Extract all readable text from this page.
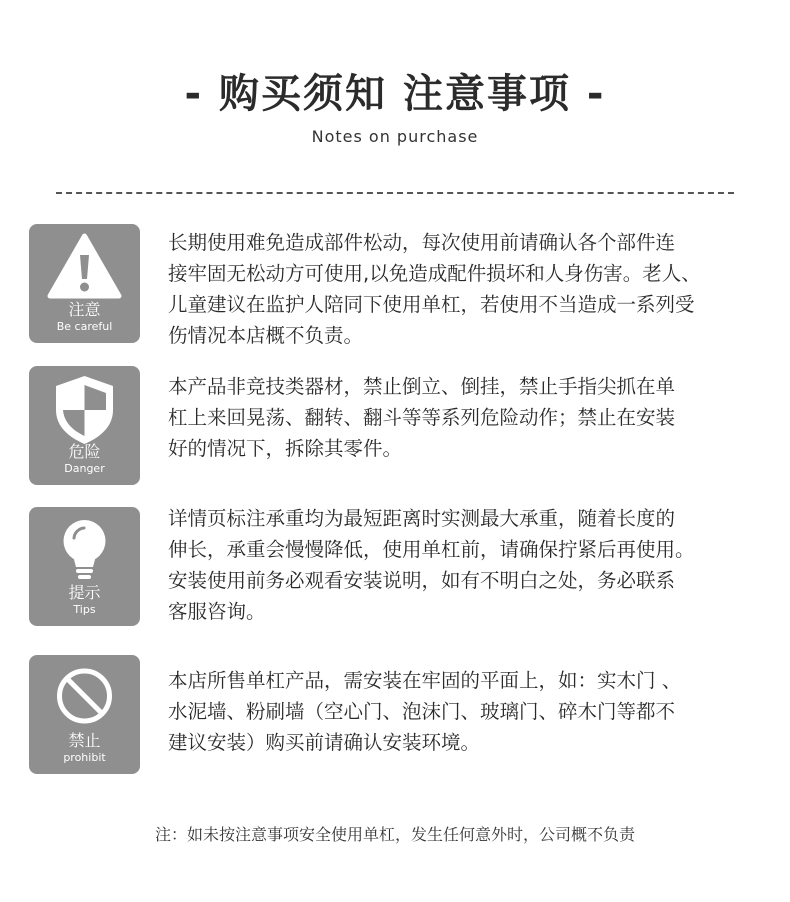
- 购买须知 注意事项 -
Notes on purchase
注意
Be careful
长期使用难免造成部件松动，每次使用前请确认各个部件连
接牢固无松动方可使用,以免造成配件损坏和人身伤害。老人、
儿童建议在监护人陪同下使用单杠，若使用不当造成一系列受
伤情况本店概不负责。
危险
Danger
本产品非竞技类器材，禁止倒立、倒挂，禁止手指尖抓在单
杠上来回晃荡、翻转、翻斗等等系列危险动作；禁止在安装
好的情况下，拆除其零件。
提示
Tips
详情页标注承重均为最短距离时实测最大承重，随着长度的
伸长，承重会慢慢降低，使用单杠前，请确保拧紧后再使用。
安装使用前务必观看安装说明，如有不明白之处，务必联系
客服咨询。
禁止
prohibit
本店所售单杠产品，需安装在牢固的平面上，如：实木门 、
水泥墙、粉刷墙（空心门、泡沫门、玻璃门、碎木门等都不
建议安装）购买前请确认安装环境。
注：如未按注意事项安全使用单杠，发生任何意外时，公司概不负责
